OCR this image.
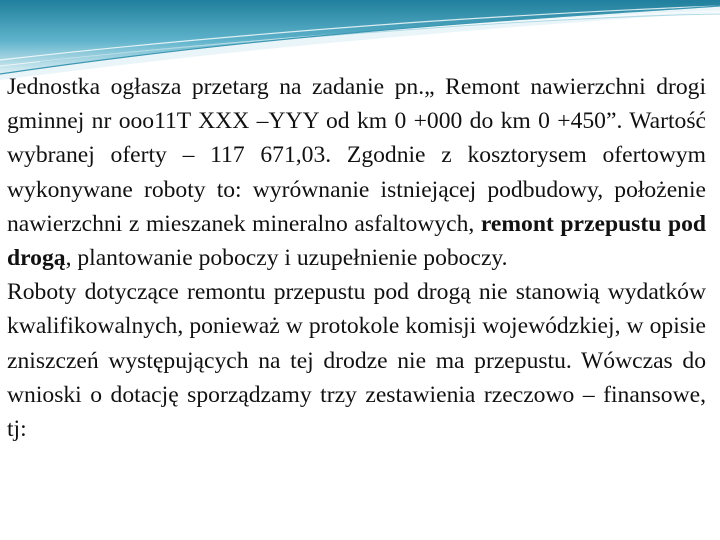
Jednostka ogłasza przetarg na zadanie pn.„ Remont nawierzchni drogi gminnej nr ooo11T XXX –YYY od km 0 +000 do km 0 +450”. Wartość wybranej oferty – 117 671,03. Zgodnie z kosztorysem ofertowym wykonywane roboty to: wyrównanie istniejącej podbudowy, położenie nawierzchni z mieszanek mineralno asfaltowych, remont przepustu pod drogą, plantowanie poboczy i uzupełnienie poboczy.

Roboty dotyczące remontu przepustu pod drogą nie stanowią wydatków kwalifikowalnych, ponieważ w protokole komisji wojewódzkiej, w opisie zniszczeń występujących na tej drodze nie ma przepustu. Wówczas do wnioski o dotację sporządzamy trzy zestawienia rzeczowo – finansowe, tj:
